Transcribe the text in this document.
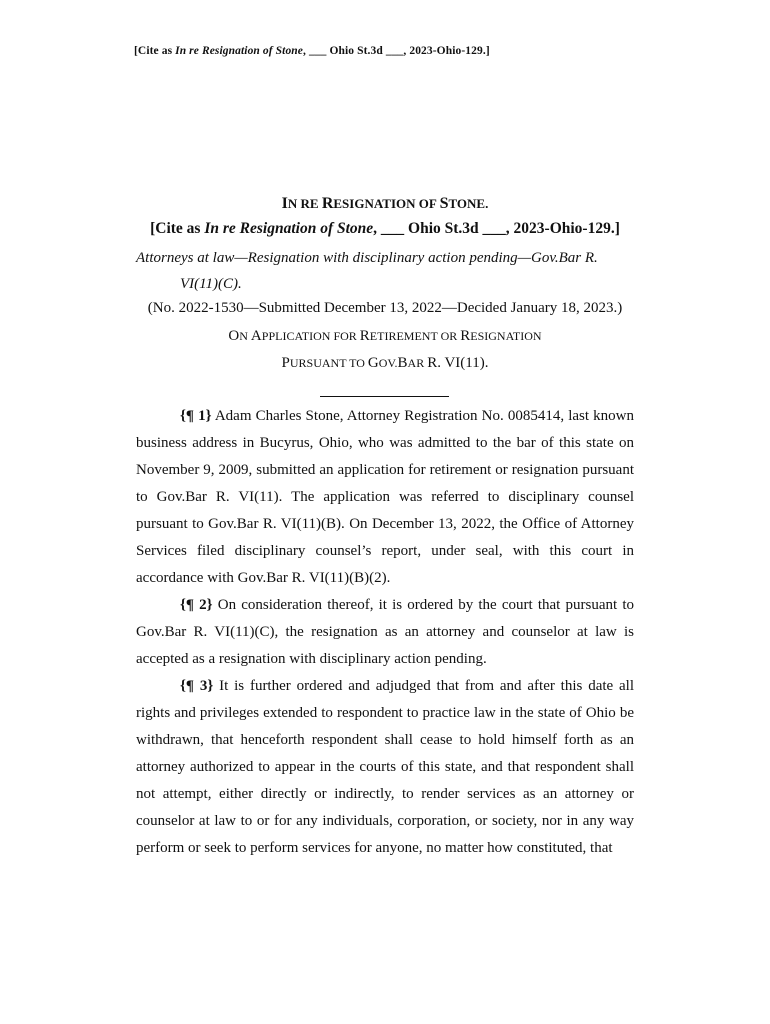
[Cite as In re Resignation of Stone, ___ Ohio St.3d ___, 2023-Ohio-129.]
IN RE RESIGNATION OF STONE.
[Cite as In re Resignation of Stone, ___ Ohio St.3d ___, 2023-Ohio-129.]
Attorneys at law—Resignation with disciplinary action pending—Gov.Bar R.
VI(11)(C).
(No. 2022-1530—Submitted December 13, 2022—Decided January 18, 2023.)
ON APPLICATION FOR RETIREMENT OR RESIGNATION
PURSUANT TO GOV.BAR R. VI(11).

{¶ 1} Adam Charles Stone, Attorney Registration No. 0085414, last known business address in Bucyrus, Ohio, who was admitted to the bar of this state on November 9, 2009, submitted an application for retirement or resignation pursuant to Gov.Bar R. VI(11). The application was referred to disciplinary counsel pursuant to Gov.Bar R. VI(11)(B). On December 13, 2022, the Office of Attorney Services filed disciplinary counsel’s report, under seal, with this court in accordance with Gov.Bar R. VI(11)(B)(2).

{¶ 2} On consideration thereof, it is ordered by the court that pursuant to Gov.Bar R. VI(11)(C), the resignation as an attorney and counselor at law is accepted as a resignation with disciplinary action pending.

{¶ 3} It is further ordered and adjudged that from and after this date all rights and privileges extended to respondent to practice law in the state of Ohio be withdrawn, that henceforth respondent shall cease to hold himself forth as an attorney authorized to appear in the courts of this state, and that respondent shall not attempt, either directly or indirectly, to render services as an attorney or counselor at law to or for any individuals, corporation, or society, nor in any way perform or seek to perform services for anyone, no matter how constituted, that
